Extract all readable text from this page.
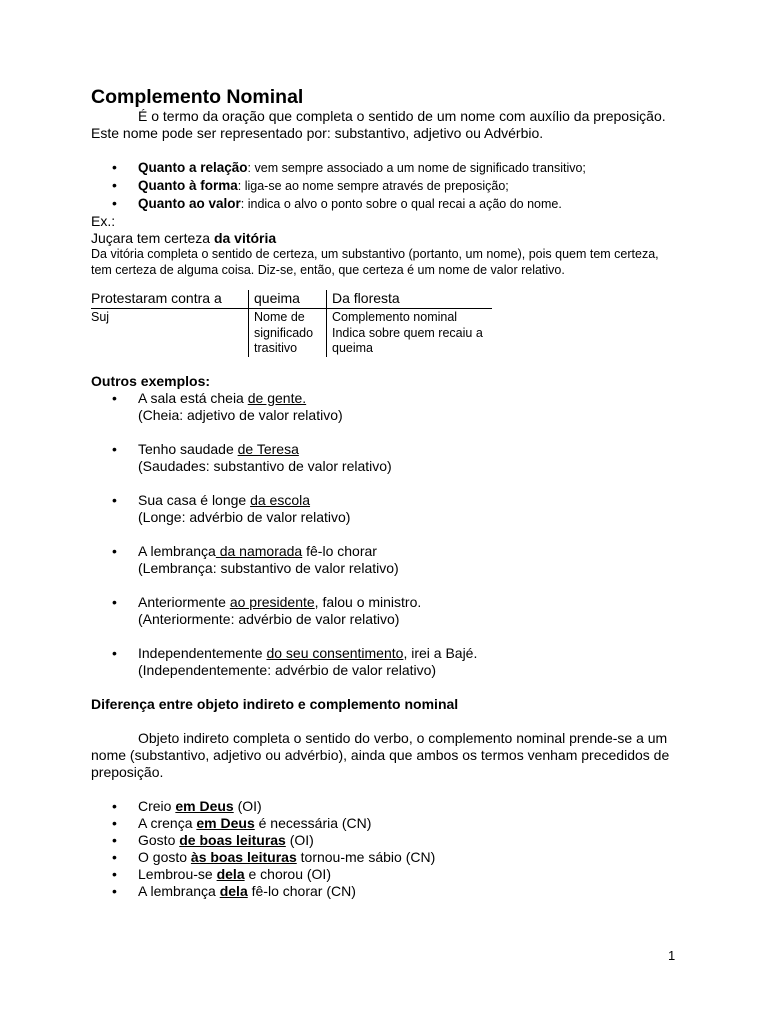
Complemento Nominal

É o termo da oração que completa o sentido de um nome com auxílio da preposição. Este nome pode ser representado por: substantivo, adjetivo ou Advérbio.

• Quanto a relação: vem sempre associado a um nome de significado transitivo;
• Quanto à forma: liga-se ao nome sempre através de preposição;
• Quanto ao valor: indica o alvo o ponto sobre o qual recai a ação do nome.

Ex.:

Juçara tem certeza da vitória

Da vitória completa o sentido de certeza, um substantivo (portanto, um nome), pois quem tem certeza, tem certeza de alguma coisa. Diz-se, então, que certeza é um nome de valor relativo.

Protestaram contra a	queima	Da floresta
Suj	Nome de significado trasitivo	Complemento nominal Indica sobre quem recaiu a queima

Outros exemplos:

• A sala está cheia de gente.
(Cheia: adjetivo de valor relativo)
• Tenho saudade de Teresa
(Saudades: substantivo de valor relativo)
• Sua casa é longe da escola
(Longe: advérbio de valor relativo)
• A lembrança da namorada fê-lo chorar
(Lembrança: substantivo de valor relativo)
• Anteriormente ao presidente, falou o ministro.
(Anteriormente: advérbio de valor relativo)
• Independentemente do seu consentimento, irei a Bajé.
(Independentemente: advérbio de valor relativo)

Diferença entre objeto indireto e complemento nominal

Objeto indireto completa o sentido do verbo, o complemento nominal prende-se a um nome (substantivo, adjetivo ou advérbio), ainda que ambos os termos venham precedidos de preposição.

• Creio em Deus (OI)
• A crença em Deus é necessária (CN)
• Gosto de boas leituras (OI)
• O gosto às boas leituras tornou-me sábio (CN)
• Lembrou-se dela e chorou (OI)
• A lembrança dela fê-lo chorar (CN)
1
